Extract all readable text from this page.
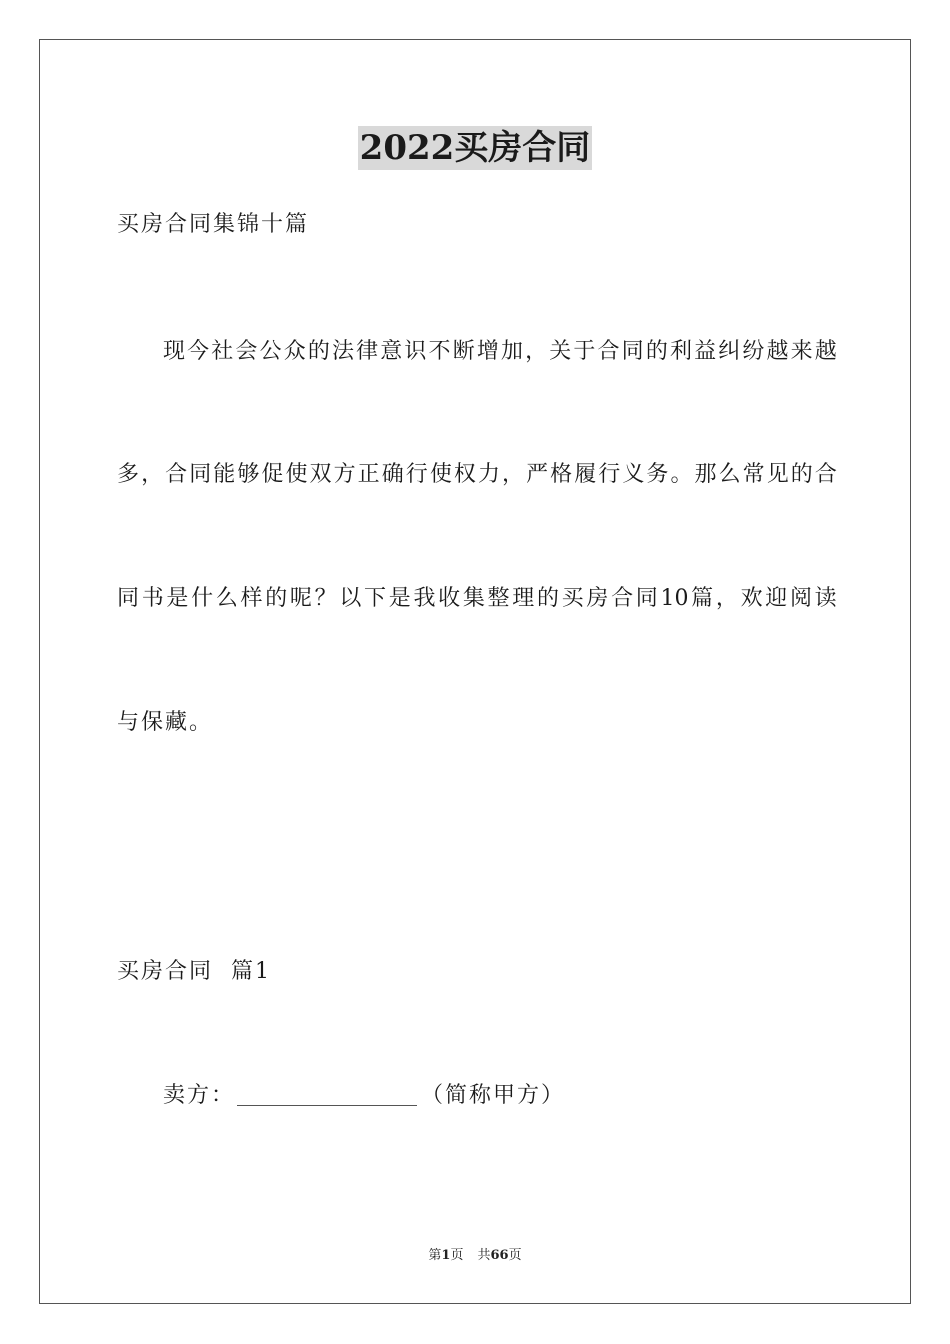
2022买房合同
买房合同集锦十篇
现 今 社 会 公 众 的 法 律 意 识 不 断 增 加 ， 关 于 合 同 的 利 益 纠 纷 越 来 越
多 ， 合 同 能 够 促 使 双 方 正 确 行 使 权 力 ， 严 格 履 行 义 务 。 那 么 常 见 的 合
同 书 是 什 么 样 的 呢 ？ 以 下 是 我 收 集 整 理 的 买 房 合 同 10 篇 ， 欢 迎 阅 读
与保藏。
买房合同  篇1
卖方：	（简称甲方）
第1页 共66页
